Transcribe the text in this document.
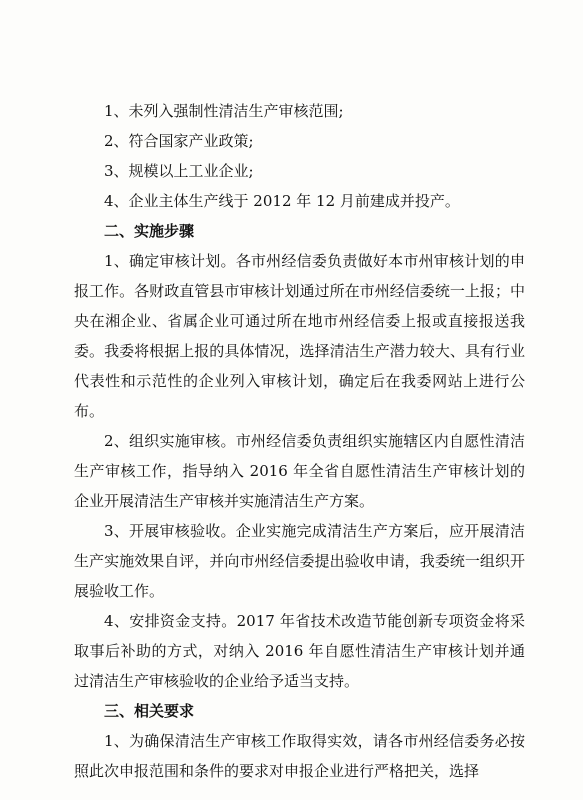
1、未列入强制性清洁生产审核范围;

2、符合国家产业政策;

3、规模以上工业企业;

4、企业主体生产线于 2012 年 12 月前建成并投产。

二、实施步骤

1、确定审核计划。各市州经信委负责做好本市州审核计划的申报工作。各财政直管县市审核计划通过所在市州经信委统一上报；中央在湘企业、省属企业可通过所在地市州经信委上报或直接报送我委。我委将根据上报的具体情况，选择清洁生产潜力较大、具有行业代表性和示范性的企业列入审核计划，确定后在我委网站上进行公布。

2、组织实施审核。市州经信委负责组织实施辖区内自愿性清洁生产审核工作，指导纳入 2016 年全省自愿性清洁生产审核计划的企业开展清洁生产审核并实施清洁生产方案。

3、开展审核验收。企业实施完成清洁生产方案后，应开展清洁生产实施效果自评，并向市州经信委提出验收申请，我委统一组织开展验收工作。

4、安排资金支持。2017 年省技术改造节能创新专项资金将采取事后补助的方式，对纳入 2016 年自愿性清洁生产审核计划并通过清洁生产审核验收的企业给予适当支持。

三、相关要求

1、为确保清洁生产审核工作取得实效，请各市州经信委务必按照此次申报范围和条件的要求对申报企业进行严格把关，选择
